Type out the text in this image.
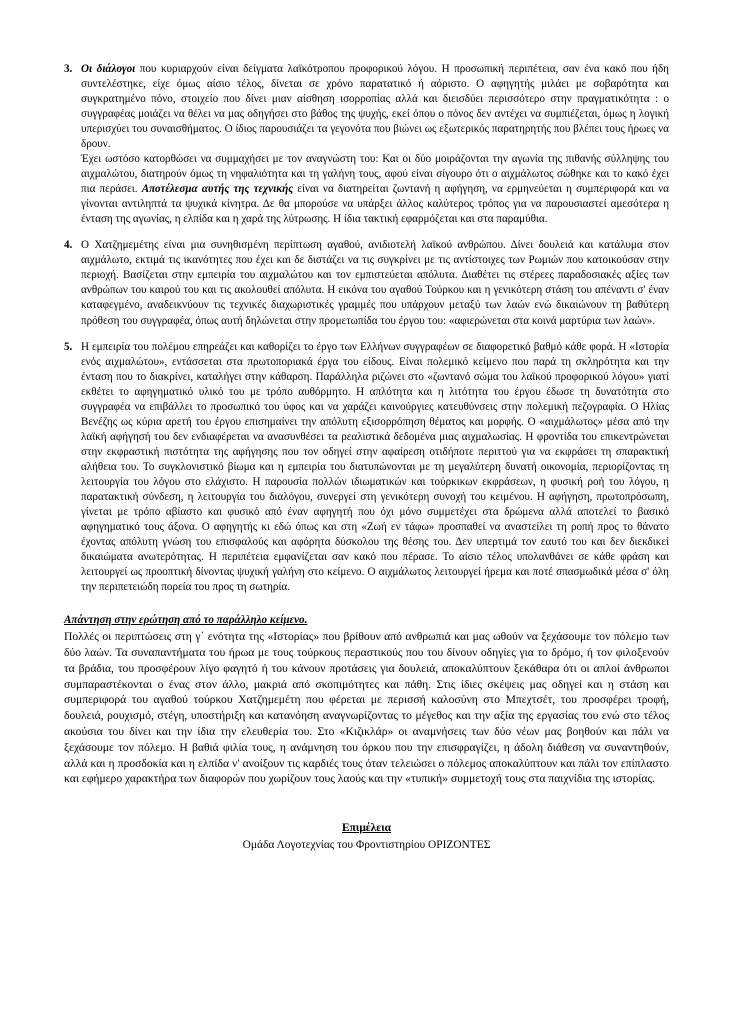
3. Οι διάλογοι που κυριαρχούν είναι δείγματα λαϊκότροπου προφορικού λόγου. Η προσωπική περιπέτεια, σαν ένα κακό που ήδη συντελέστηκε, είχε όμως αίσιο τέλος, δίνεται σε χρόνο παρατατικό ή αόριστο. Ο αφηγητής μιλάει με σοβαρότητα και συγκρατημένο πόνο, στοιχείο που δίνει μιαν αίσθηση ισορροπίας αλλά και διεισδύει περισσότερο στην πραγματικότητα : ο συγγραφέας μοιάζει να θέλει να μας οδηγήσει στο βάθος της ψυχής, εκεί όπου ο πόνος δεν αντέχει να συμπιέζεται, όμως η λογική υπερισχύει του συναισθήματος. Ο ίδιος παρουσιάζει τα γεγονότα που βιώνει ως εξωτερικός παρατηρητής που βλέπει τους ήρωες να δρουν.

Έχει ωστόσο κατορθώσει να συμμαχήσει με τον αναγνώστη του: Και οι δύο μοιράζονται την αγωνία της πιθανής σύλληψης του αιχμαλώτου, διατηρούν όμως τη νηφαλιότητα και τη γαλήνη τους, αφού είναι σίγουρο ότι ο αιχμάλωτος σώθηκε και το κακό έχει πια περάσει. Αποτέλεσμα αυτής της τεχνικής είναι να διατηρείται ζωντανή η αφήγηση, να ερμηνεύεται η συμπεριφορά και να γίνονται αντιληπτά τα ψυχικά κίνητρα. Δε θα μπορούσε να υπάρξει άλλος καλύτερος τρόπος για να παρουσιαστεί αμεσότερα η ένταση της αγωνίας, η ελπίδα και η χαρά της λύτρωσης. Η ίδια τακτική εφαρμόζεται και στα παραμύθια.

4. Ο Χατζημεμέτης είναι μια συνηθισμένη περίπτωση αγαθού, ανιδιοτελή λαϊκού ανθρώπου. Δίνει δουλειά και κατάλυμα στον αιχμάλωτο, εκτιμά τις ικανότητες που έχει και δε διστάζει να τις συγκρίνει με τις αντίστοιχες των Ρωμιών που κατοικούσαν στην περιοχή. Βασίζεται στην εμπειρία του αιχμαλώτου και τον εμπιστεύεται απόλυτα. Διαθέτει τις στέρεες παραδοσιακές αξίες των ανθρώπων του καιρού του και τις ακολουθεί απόλυτα. Η εικόνα του αγαθού Τούρκου και η γενικότερη στάση του απέναντι σ' έναν καταφεγμένο, αναδεικνύουν τις τεχνικές διαχωριστικές γραμμές που υπάρχουν μεταξύ των λαών ενώ δικαιώνουν τη βαθύτερη πρόθεση του συγγραφέα, όπως αυτή δηλώνεται στην προμετωπίδα του έργου του: «αφιερώνεται στα κοινά μαρτύρια των λαών».

5. Η εμπειρία του πολέμου επηρεάζει και καθορίζει το έργο των Ελλήνων συγγραφέων σε διαφορετικό βαθμό κάθε φορά. Η «Ιστορία ενός αιχμαλώτου», εντάσσεται στα πρωτοποριακά έργα του είδους. Είναι πολεμικό κείμενο που παρά τη σκληρότητα και την ένταση που το διακρίνει, καταλήγει στην κάθαρση. Παράλληλα ριζώνει στο «ζωντανό σώμα του λαϊκού προφορικού λόγου» γιατί εκθέτει το αφηγηματικό υλικό του με τρόπο αυθόρμητο. Η απλότητα και η λιτότητα του έργου έδωσε τη δυνατότητα στο συγγραφέα να επιβάλλει το προσωπικό του ύφος και να χαράζει καινούργιες κατευθύνσεις στην πολεμική πεζογραφία. Ο Ηλίας Βενέζης ως κύρια αρετή του έργου επισημαίνει την απόλυτη εξισορρόπηση θέματος και μορφής. Ο «αιχμάλωτος» μέσα από την λαϊκή αφήγησή του δεν ενδιαφέρεται να ανασυνθέσει τα ρεαλιστικά δεδομένα μιας αιχμαλωσίας. Η φροντίδα του επικεντρώνεται στην εκφραστική πιστότητα της αφήγησης που τον οδηγεί στην αφαίρεση οτιδήποτε περιττού για να εκφράσει τη σπαρακτική αλήθεια του. Το συγκλονιστικό βίωμα και η εμπειρία του διατυπώνονται με τη μεγαλύτερη δυνατή οικονομία, περιορίζοντας τη λειτουργία του λόγου στο ελάχιστο. Η παρουσία πολλών ιδιωματικών και τούρκικων εκφράσεων, η φυσική ροή του λόγου, η παρατακτική σύνδεση, η λειτουργία του διαλόγου, συνεργεί στη γενικότερη συνοχή του κειμένου. Η αφήγηση, πρωτοπρόσωπη, γίνεται με τρόπο αβίαστο και φυσικό από έναν αφηγητή που όχι μόνο συμμετέχει στα δρώμενα αλλά αποτελεί το βασικό αφηγηματικό τους άξονα. Ο αφηγητής κι εδώ όπως και στη «Ζωή εν τάφω» προσπαθεί να αναστείλει τη ροπή προς το θάνατο έχοντας απόλυτη γνώση του επισφαλούς και αφόρητα δύσκολου της θέσης του. Δεν υπερτιμά τον εαυτό του και δεν διεκδικεί δικαιώματα ανωτερότητας. Η περιπέτεια εμφανίζεται σαν κακό που πέρασε. Το αίσιο τέλος υπολανθάνει σε κάθε φράση και λειτουργεί ως προοπτική δίνοντας ψυχική γαλήνη στο κείμενο. Ο αιχμάλωτος λειτουργεί ήρεμα και ποτέ σπασμωδικά μέσα σ' όλη την περιπετειώδη πορεία του προς τη σωτηρία.

Απάντηση στην ερώτηση από το παράλληλο κείμενο.

Πολλές οι περιπτώσεις στη γ΄ ενότητα της «Ιστορίας» που βρίθουν από ανθρωπιά και μας ωθούν να ξεχάσουμε τον πόλεμο των δύο λαών. Τα συναπαντήματα του ήρωα με τους τούρκους περαστικούς που του δίνουν οδηγίες για το δρόμο, ή τον φιλοξενούν τα βράδια, του προσφέρουν λίγο φαγητό ή του κάνουν προτάσεις για δουλειά, αποκαλύπτουν ξεκάθαρα ότι οι απλοί άνθρωποι συμπαραστέκονται ο ένας στον άλλο, μακριά από σκοπιμότητες και πάθη. Στις ίδιες σκέψεις μας οδηγεί και η στάση και συμπεριφορά του αγαθού τούρκου Χατζημεμέτη που φέρεται με περισσή καλοσύνη στο Μπεχτσέτ, του προσφέρει τροφή, δουλειά, ρουχισμό, στέγη, υποστήριξη και κατανόηση αναγνωρίζοντας το μέγεθος και την αξία της εργασίας του ενώ στο τέλος ακούσια του δίνει και την ίδια την ελευθερία του. Στο «Κιζικλάρ» οι αναμνήσεις των δύο νέων μας βοηθούν και πάλι να ξεχάσουμε τον πόλεμο. Η βαθιά φιλία τους, η ανάμνηση του όρκου που την επισφραγίζει, η άδολη διάθεση να συναντηθούν, αλλά και η προσδοκία και η ελπίδα ν' ανοίξουν τις καρδιές τους όταν τελειώσει ο πόλεμος αποκαλύπτουν και πάλι τον επίπλαστο και εφήμερο χαρακτήρα των διαφορών που χωρίζουν τους λαούς και την «τυπική» συμμετοχή τους στα παιχνίδια της ιστορίας.

Επιμέλεια
Ομάδα Λογοτεχνίας του Φροντιστηρίου ΟΡΙΖΟΝΤΕΣ
